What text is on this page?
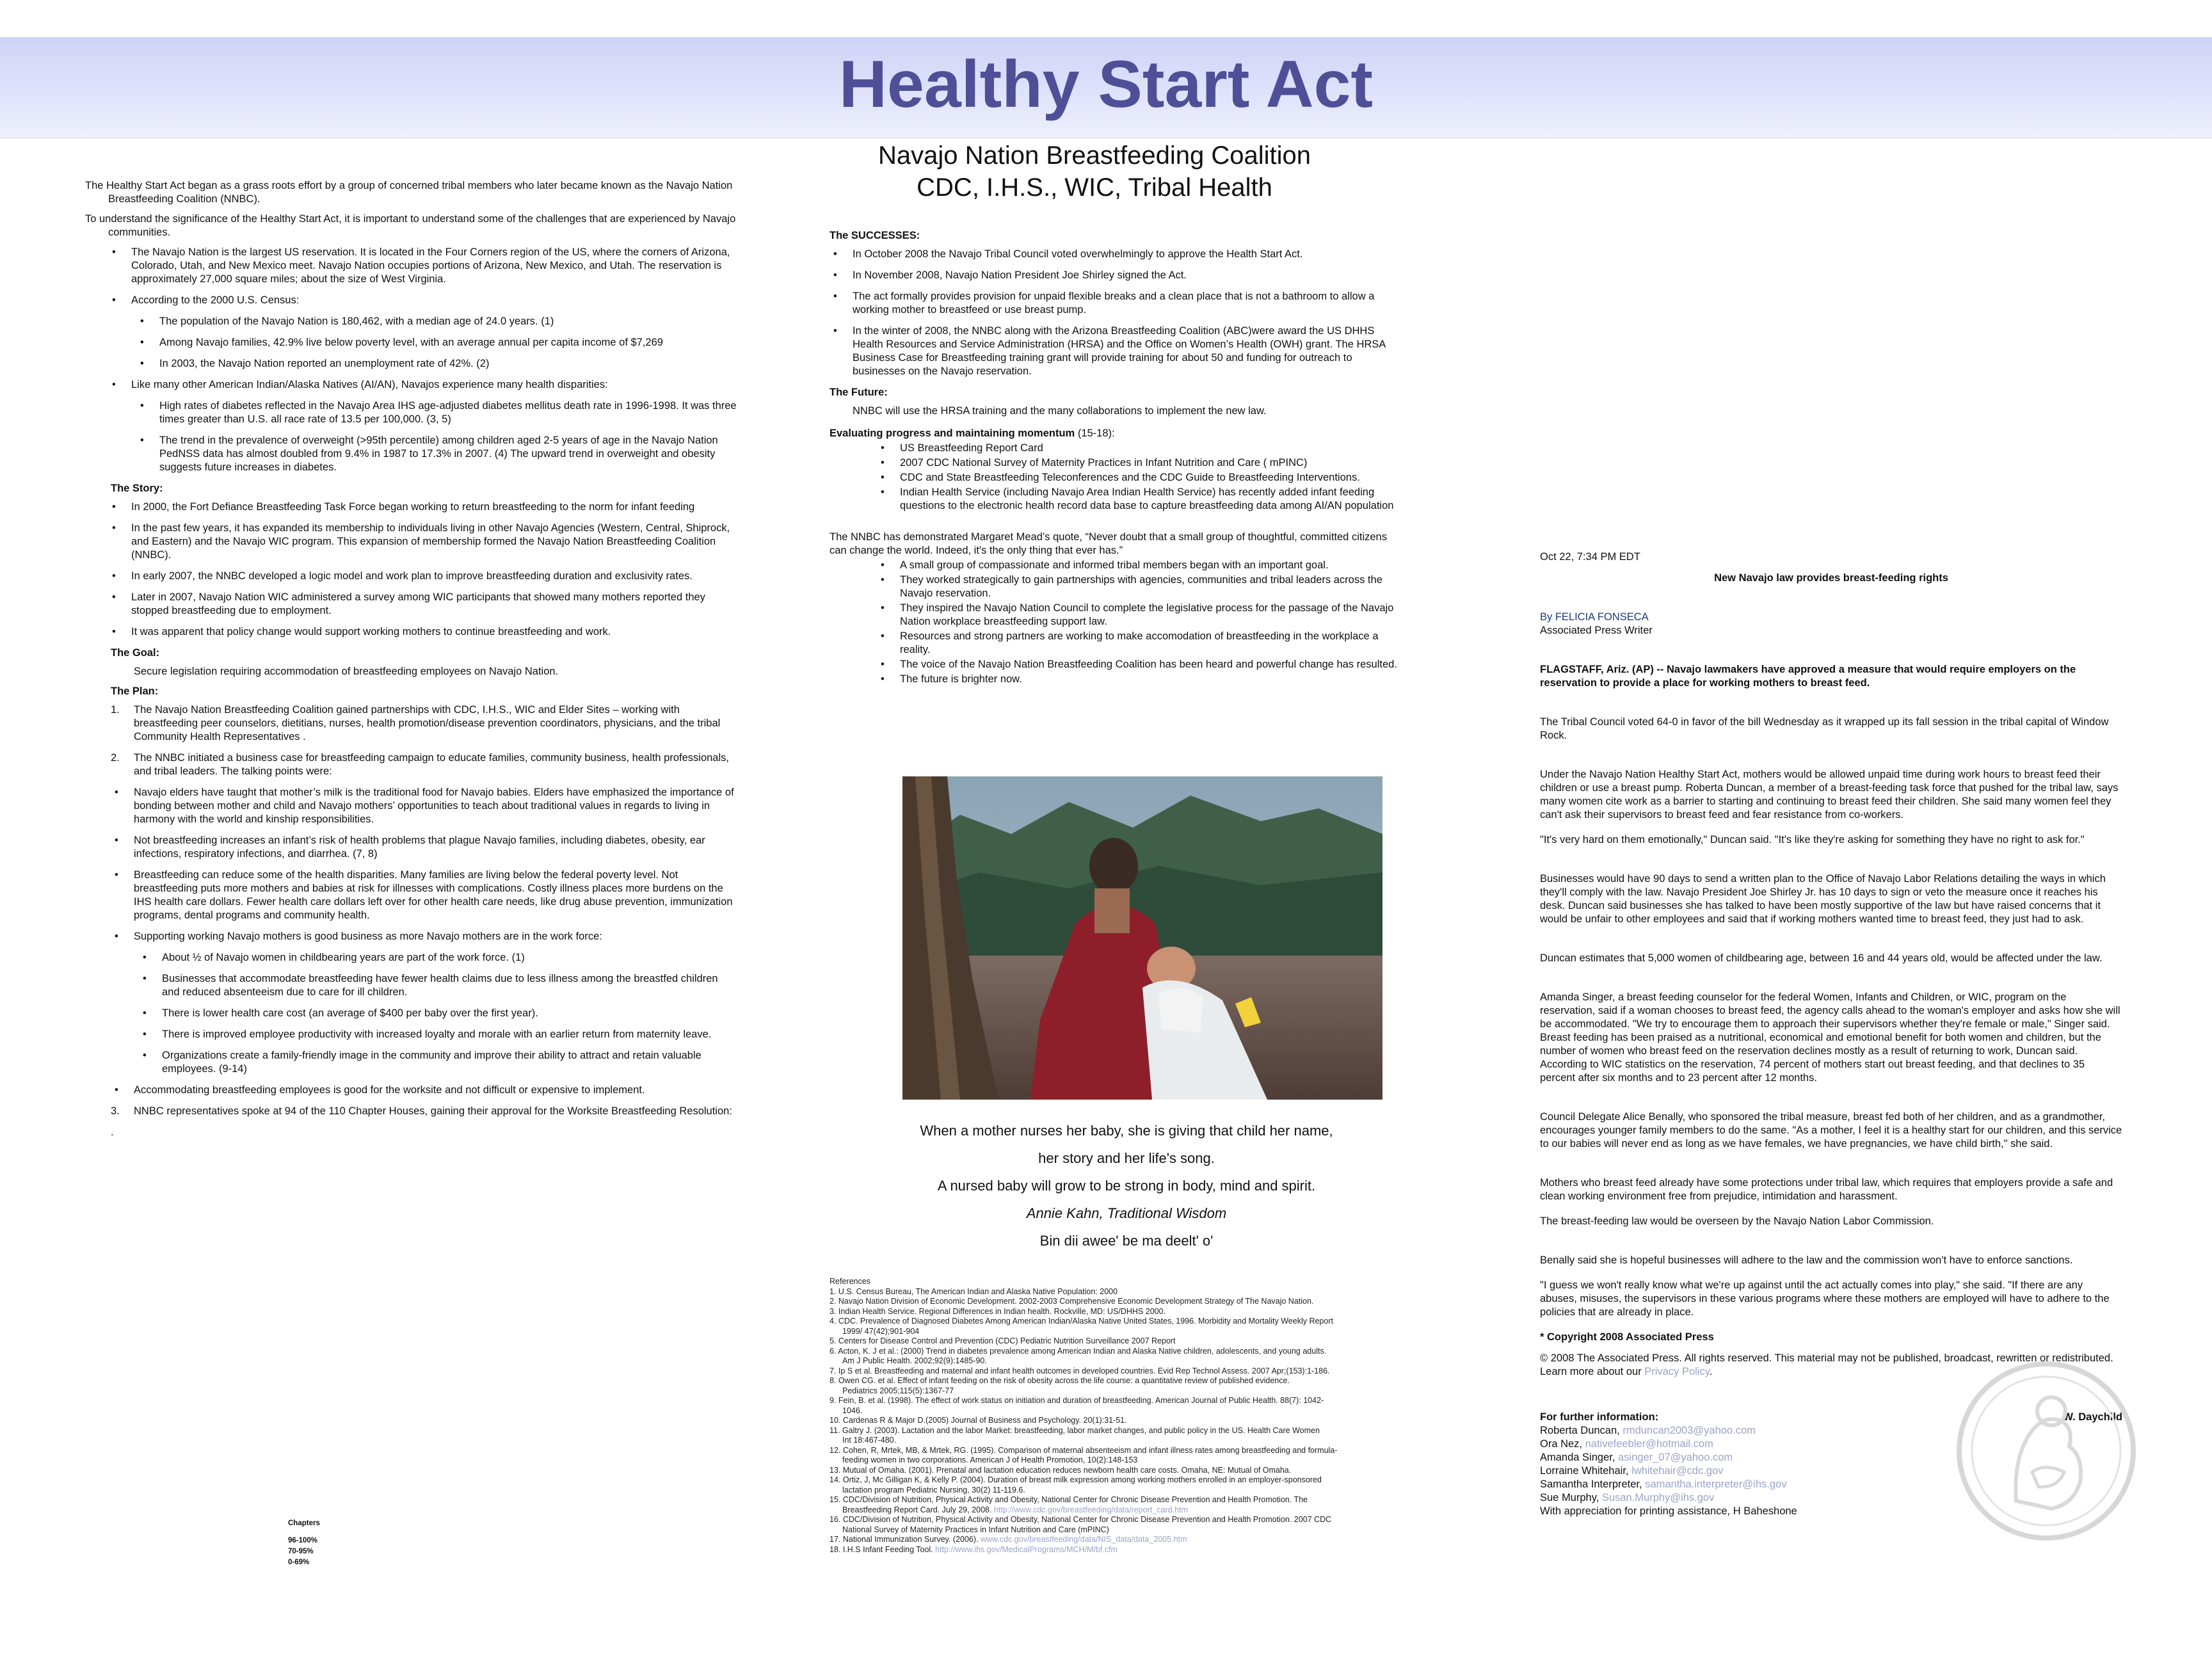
Healthy Start Act
Navajo Nation Breastfeeding Coalition
CDC, I.H.S., WIC, Tribal Health

The Healthy Start Act began as a grass roots effort by a group of concerned tribal members who later became known as the Navajo Nation Breastfeeding Coalition (NNBC).

To understand the significance of the Healthy Start Act, it is important to understand some of the challenges that are experienced by Navajo communities.

• The Navajo Nation is the largest US reservation. It is located in the Four Corners region of the US, where the corners of Arizona, Colorado, Utah, and New Mexico meet. Navajo Nation occupies portions of Arizona, New Mexico, and Utah. The reservation is approximately 27,000 square miles; about the size of West Virginia.
• According to the 2000 U.S. Census:
• The population of the Navajo Nation is 180,462, with a median age of 24.0 years. (1)
• Among Navajo families, 42.9% live below poverty level, with an average annual per capita income of $7,269
• In 2003, the Navajo Nation reported an unemployment rate of 42%. (2)
• Like many other American Indian/Alaska Natives (AI/AN), Navajos experience many health disparities:
• High rates of diabetes reflected in the Navajo Area IHS age-adjusted diabetes mellitus death rate in 1996-1998. It was three times greater than U.S. all race rate of 13.5 per 100,000. (3, 5)
• The trend in the prevalence of overweight (>95th percentile) among children aged 2-5 years of age in the Navajo Nation PedNSS data has almost doubled from 9.4% in 1987 to 17.3% in 2007. (4) The upward trend in overweight and obesity suggests future increases in diabetes.
The Story:
• In 2000, the Fort Defiance Breastfeeding Task Force began working to return breastfeeding to the norm for infant feeding
• In the past few years, it has expanded its membership to individuals living in other Navajo Agencies (Western, Central, Shiprock, and Eastern) and the Navajo WIC program. This expansion of membership formed the Navajo Nation Breastfeeding Coalition (NNBC).
• In early 2007, the NNBC developed a logic model and work plan to improve breastfeeding duration and exclusivity rates.
• Later in 2007, Navajo Nation WIC administered a survey among WIC participants that showed many mothers reported they stopped breastfeeding due to employment.
• It was apparent that policy change would support working mothers to continue breastfeeding and work.
The Goal:

Secure legislation requiring accommodation of breastfeeding employees on Navajo Nation.

The Plan:
1. The Navajo Nation Breastfeeding Coalition gained partnerships with CDC, I.H.S., WIC and Elder Sites – working with breastfeeding peer counselors, dietitians, nurses, health promotion/disease prevention coordinators, physicians, and the tribal Community Health Representatives .
2. The NNBC initiated a business case for breastfeeding campaign to educate families, community business, health professionals, and tribal leaders. The talking points were:
• Navajo elders have taught that mother’s milk is the traditional food for Navajo babies. Elders have emphasized the importance of bonding between mother and child and Navajo mothers’ opportunities to teach about traditional values in regards to living in harmony with the world and kinship responsibilities.
• Not breastfeeding increases an infant’s risk of health problems that plague Navajo families, including diabetes, obesity, ear infections, respiratory infections, and diarrhea. (7, 8)
• Breastfeeding can reduce some of the health disparities. Many families are living below the federal poverty level. Not breastfeeding puts more mothers and babies at risk for illnesses with complications. Costly illness places more burdens on the IHS health care dollars. Fewer health care dollars left over for other health care needs, like drug abuse prevention, immunization programs, dental programs and community health.
• Supporting working Navajo mothers is good business as more Navajo mothers are in the work force:
• About ½ of Navajo women in childbearing years are part of the work force. (1)
• Businesses that accommodate breastfeeding have fewer health claims due to less illness among the breastfed children and reduced absenteeism due to care for ill children.
• There is lower health care cost (an average of $400 per baby over the first year).
• There is improved employee productivity with increased loyalty and morale with an earlier return from maternity leave.
• Organizations create a family-friendly image in the community and improve their ability to attract and retain valuable employees. (9-14)
• Accommodating breastfeeding employees is good for the worksite and not difficult or expensive to implement.
3. NNBC representatives spoke at 94 of the 110 Chapter Houses, gaining their approval for the Worksite Breastfeeding Resolution:

.

Chapters
96-100%
70-95%
0-69%
The SUCCESSES:
• In October 2008 the Navajo Tribal Council voted overwhelmingly to approve the Health Start Act.
• In November 2008, Navajo Nation President Joe Shirley signed the Act.
• The act formally provides provision for unpaid flexible breaks and a clean place that is not a bathroom to allow a working mother to breastfeed or use breast pump.
• In the winter of 2008, the NNBC along with the Arizona Breastfeeding Coalition (ABC)were award the US DHHS Health Resources and Service Administration (HRSA) and the Office on Women’s Health (OWH) grant. The HRSA Business Case for Breastfeeding training grant will provide training for about 50 and funding for outreach to businesses on the Navajo reservation.
The Future:

NNBC will use the HRSA training and the many collaborations to implement the new law.

Evaluating progress and maintaining momentum (15-18):
• US Breastfeeding Report Card
• 2007 CDC National Survey of Maternity Practices in Infant Nutrition and Care ( mPINC)
• CDC and State Breastfeeding Teleconferences and the CDC Guide to Breastfeeding Interventions.
• Indian Health Service (including Navajo Area Indian Health Service) has recently added infant feeding questions to the electronic health record data base to capture breastfeeding data among AI/AN population

The NNBC has demonstrated Margaret Mead’s quote, “Never doubt that a small group of thoughtful, committed citizens can change the world. Indeed, it's the only thing that ever has.”

• A small group of compassionate and informed tribal members began with an important goal.
• They worked strategically to gain partnerships with agencies, communities and tribal leaders across the Navajo reservation.
• They inspired the Navajo Nation Council to complete the legislative process for the passage of the Navajo Nation workplace breastfeeding support law.
• Resources and strong partners are working to make accomodation of breastfeeding in the workplace a reality.
• The voice of the Navajo Nation Breastfeeding Coalition has been heard and powerful change has resulted.
• The future is brighter now.
When a mother nurses her baby, she is giving that child her name,
her story and her life's song.
A nursed baby will grow to be strong in body, mind and spirit.
Annie Kahn, Traditional Wisdom
Bin dii awee' be ma deelt' o'

References

1. U.S. Census Bureau, The American Indian and Alaska Native Population: 2000

2. Navajo Nation Division of Economic Development. 2002-2003 Comprehensive Economic Development Strategy of The Navajo Nation.

3. Indian Health Service. Regional Differences in Indian health. Rockville, MD: US/DHHS 2000.

4. CDC. Prevalence of Diagnosed Diabetes Among American Indian/Alaska Native United States, 1996. Morbidity and Mortality Weekly Report

1999/ 47(42);901-904

5. Centers for Disease Control and Prevention (CDC) Pediatric Nutrition Surveillance 2007 Report

6. Acton, K. J et al.: (2000) Trend in diabetes prevalence among American Indian and Alaska Native children, adolescents, and young adults.

Am J Public Health. 2002;92(9):1485-90.

7. Ip S et al. Breastfeeding and maternal and infant health outcomes in developed countries. Evid Rep Technol Assess. 2007 Apr;(153):1-186.

8. Owen CG. et al. Effect of infant feeding on the risk of obesity across the life course: a quantitative review of published evidence.

Pediatrics 2005;115(5):1367-77

9. Fein, B. et al. (1998). The effect of work status on initiation and duration of breastfeeding. American Journal of Public Health. 88(7): 1042-

1046.

10. Cardenas R & Major D.(2005) Journal of Business and Psychology. 20(1):31-51.

11. Galtry J. (2003). Lactation and the labor Market: breastfeeding, labor market changes, and public policy in the US. Health Care Women

Int 18:467-480.

12. Cohen, R, Mrtek, MB, & Mrtek, RG. (1995). Comparison of maternal absenteeism and infant illness rates among breastfeeding and formula-

feeding women in two corporations. American J of Health Promotion, 10(2):148-153

13. Mutual of Omaha. (2001). Prenatal and lactation education reduces newborn health care costs. Omaha, NE: Mutual of Omaha.

14. Ortiz, J, Mc Gilligan K, & Kelly P. (2004). Duration of breast milk expression among working mothers enrolled in an employer-sponsored

lactation program Pediatric Nursing, 30(2) 11-119.6.

15. CDC/Division of Nutrition, Physical Activity and Obesity, National Center for Chronic Disease Prevention and Health Promotion. The

Breastfeeding Report Card. July 29, 2008. http://www.cdc.gov/breastfeeding/data/report_card.htm

16. CDC/Division of Nutrition, Physical Activity and Obesity, National Center for Chronic Disease Prevention and Health Promotion. 2007 CDC

National Survey of Maternity Practices in Infant Nutrition and Care (mPINC)

17. National Immunization Survey. (2006). www.cdc.gov/breastfeeding/data/NIS_data/data_2005.htm

18. I.H.S Infant Feeding Tool. http://www.ihs.gov/MedicalPrograms/MCH/M/bf.cfm

Oct 22, 7:34 PM EDT

New Navajo law provides breast-feeding rights

By FELICIA FONSECA

Associated Press Writer

FLAGSTAFF, Ariz. (AP) -- Navajo lawmakers have approved a measure that would require employers on the reservation to provide a place for working mothers to breast feed.

The Tribal Council voted 64-0 in favor of the bill Wednesday as it wrapped up its fall session in the tribal capital of Window Rock.

Under the Navajo Nation Healthy Start Act, mothers would be allowed unpaid time during work hours to breast feed their children or use a breast pump. Roberta Duncan, a member of a breast-feeding task force that pushed for the tribal law, says many women cite work as a barrier to starting and continuing to breast feed their children. She said many women feel they can't ask their supervisors to breast feed and fear resistance from co-workers.

"It's very hard on them emotionally," Duncan said. "It's like they're asking for something they have no right to ask for."

Businesses would have 90 days to send a written plan to the Office of Navajo Labor Relations detailing the ways in which they'll comply with the law. Navajo President Joe Shirley Jr. has 10 days to sign or veto the measure once it reaches his desk. Duncan said businesses she has talked to have been mostly supportive of the law but have raised concerns that it would be unfair to other employees and said that if working mothers wanted time to breast feed, they just had to ask.

Duncan estimates that 5,000 women of childbearing age, between 16 and 44 years old, would be affected under the law.

Amanda Singer, a breast feeding counselor for the federal Women, Infants and Children, or WIC, program on the reservation, said if a woman chooses to breast feed, the agency calls ahead to the woman's employer and asks how she will be accommodated. "We try to encourage them to approach their supervisors whether they're female or male," Singer said. Breast feeding has been praised as a nutritional, economical and emotional benefit for both women and children, but the number of women who breast feed on the reservation declines mostly as a result of returning to work, Duncan said. According to WIC statistics on the reservation, 74 percent of mothers start out breast feeding, and that declines to 35 percent after six months and to 23 percent after 12 months.

Council Delegate Alice Benally, who sponsored the tribal measure, breast fed both of her children, and as a grandmother, encourages younger family members to do the same. "As a mother, I feel it is a healthy start for our children, and this service to our babies will never end as long as we have females, we have pregnancies, we have child birth," she said.

Mothers who breast feed already have some protections under tribal law, which requires that employers provide a safe and clean working environment free from prejudice, intimidation and harassment.

The breast-feeding law would be overseen by the Navajo Nation Labor Commission.

Benally said she is hopeful businesses will adhere to the law and the commission won't have to enforce sanctions.

"I guess we won't really know what we're up against until the act actually comes into play," she said. "If there are any abuses, misuses, the supervisors in these various programs where these mothers are employed will have to adhere to the policies that are already in place.

* Copyright 2008 Associated Press

© 2008 The Associated Press. All rights reserved. This material may not be published, broadcast, rewritten or redistributed. Learn more about our Privacy Policy.

For further information:	W. Daychild
Roberta Duncan, rmduncan2003@yahoo.com
Ora Nez, nativefeebler@hotmail.com
Amanda Singer, asinger_07@yahoo.com
Lorraine Whitehair, lwhitehair@cdc.gov
Samantha Interpreter, samantha.interpreter@ihs.gov
Sue Murphy, Susan.Murphy@ihs.gov
With appreciation for printing assistance, H Baheshone
